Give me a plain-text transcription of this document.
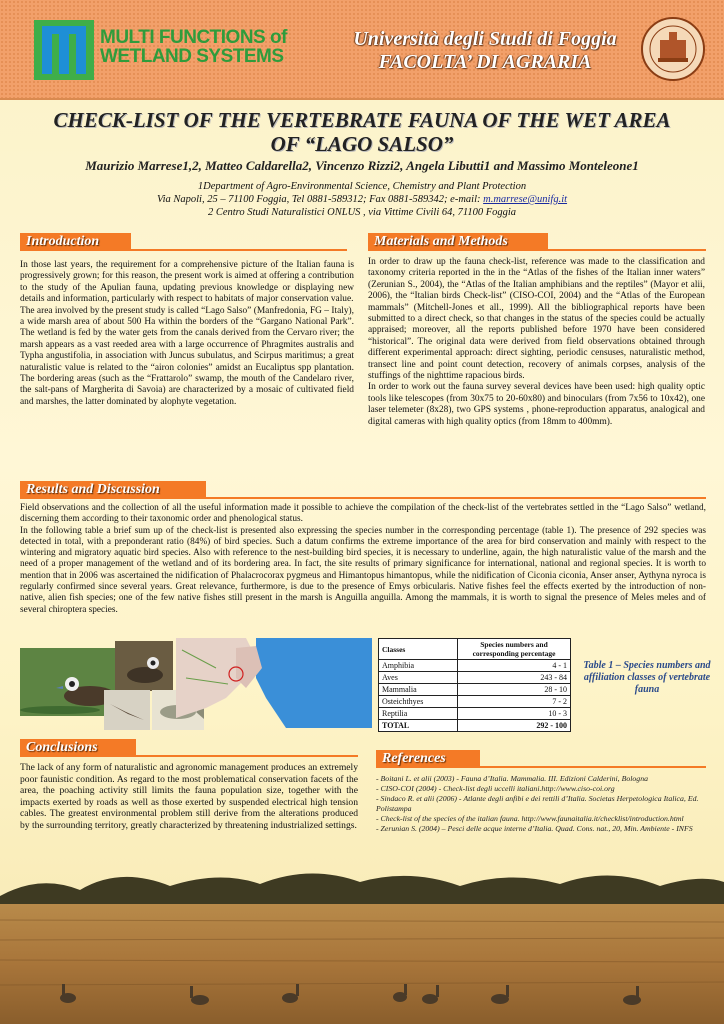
MULTI FUNCTIONS of
WETLAND SYSTEMS
Università degli Studi di Foggia
FACOLTA’ DI AGRARIA
CHECK-LIST OF THE VERTEBRATE FAUNA OF THE WET AREA
OF “LAGO SALSO”
Maurizio Marrese1,2, Matteo Caldarella2, Vincenzo Rizzi2, Angela Libutti1 and Massimo Monteleone1
1Department of Agro-Environmental Science, Chemistry and Plant Protection
Via Napoli, 25 – 71100 Foggia, Tel 0881-589312; Fax 0881-589342; e-mail: m.marrese@unifg.it
2 Centro Studi Naturalistici ONLUS , via Vittime Civili 64, 71100 Foggia
Introduction

In those last years, the requirement for a comprehensive picture of the Italian fauna is progressively grown; for this reason, the present work is aimed at offering a contribution to the study of the Apulian fauna, updating previous knowledge or displaying new details and information, particularly with respect to habitats of major conservation value.

The area involved by the present study is called “Lago Salso” (Manfredonia, FG – Italy), a wide marsh area of about 500 Ha within the borders of the “Gargano National Park”. The wetland is fed by the water gets from the canals derived from the Cervaro river; the marsh appears as a vast reeded area with a large occurrence of Phragmites australis and Typha angustifolia, in association with Juncus subulatus, and Scirpus maritimus; a great naturalistic value is related to the “airon colonies” amidst an Eucaliptus spp plantation. The bordering areas (such as the “Frattarolo” swamp, the mouth of the Candelaro river, the salt-pans of Margherita di Savoia) are characterized by a mosaic of cultivated field and marshes, the latter dominated by alophyte vegetation.

Materials and Methods

In order to draw up the fauna check-list, reference was made to the classification and taxonomy criteria reported in the in the “Atlas of the fishes of the Italian inner waters” (Zerunian S., 2004), the “Atlas of the Italian amphibians and the reptiles” (Mayor et alii, 2006), the “Italian birds Check-list” (CISO-COI, 2004) and the “Atlas of the European mammals” (Mitchell-Jones et all., 1999). All the bibliographical reports have been submitted to a direct check, so that changes in the status of the species could be actually appraised; moreover, all the reports published before 1970 have been considered “historical”. The original data were derived from field observations obtained through different experimental approach: direct sighting, periodic censuses, naturalistic method, transect line and point count detection, recovery of animals corpses, analysis of the stuffings of the nighttime rapacious birds.

In order to work out the fauna survey several devices have been used: high quality optic tools like telescopes (from 30x75 to 20-60x80) and binoculars (from 7x56 to 10x42), one laser telemeter (8x28), two GPS systems , phone-reproduction apparatus, analogical and digital cameras with high quality optics (from 18mm to 400mm).

Results and Discussion

Field observations and the collection of all the useful information made it possible to achieve the compilation of the check-list of the vertebrates settled in the “Lago Salso” wetland, discerning them according to their taxonomic order and phenological status.

In the following table a brief sum up of the check-list is presented also expressing the species number in the corresponding percentage (table 1). The presence of 292 species was detected in total, with a preponderant ratio (84%) of bird species. Such a datum confirms the extreme importance of the area for bird conservation and mainly with respect to the wintering and migratory aquatic bird species. Also with reference to the nest-building bird species, it is necessary to underline, again, the high naturalistic value of the marsh and the need of a proper management of the wetland and of its bordering area. In fact, the site results of primary significance for international, national and regional species. It is worth to mention that in 2006 was ascertained the nidification of Phalacrocorax pygmeus and Himantopus himantopus, while the nidification of Ciconia ciconia, Anser anser, Aythyna nyroca is regularly confirmed since several years. Great relevance, furthermore, is due to the presence of Emys orbicularis. Native fishes feel the effects exerted by the introduction of non-native, alien fish species; one of the few native fishes still present in the marsh is Anguilla anguilla. Among the mammals, it is worth to signal the presence of Meles meles and of several chiroptera species.

Classes	Species numbers and corresponding percentage
Amphibia	4 - 1
Aves	243 - 84
Mammalia	28 - 10
Osteichthyes	7 - 2
Reptilia	10 - 3
TOTAL	292 - 100
Table 1 – Species numbers and affiliation classes of vertebrate fauna
Conclusions

The lack of any form of naturalistic and agronomic management produces an extremely poor faunistic condition. As regard to the most problematical conservation facets of the area, the poaching activity still limits the fauna population size, together with the impacts exerted by roads as well as those exerted by suspended electrical high tension cables. The greatest environmental problem still derive from the alterations produced by the surrounding territory, greatly characterized by threatening industrialized settings.

References

- Boitani L. et alii (2003) - Fauna d’Italia. Mammalia. III. Edizioni Calderini, Bologna

- CISO-COI (2004) - Check-list degli uccelli italiani.http://www.ciso-coi.org

- Sindaco R. et alii (2006) - Atlante degli anfibi e dei rettili d’Italia. Societas Herpetologica Italica, Ed. Polistampa

- Check-list of the species of the italian fauna. http://www.faunaitalia.it/checklist/introduction.html

- Zerunian S. (2004) – Pesci delle acque interne d’Italia. Quad. Cons. nat., 20, Min. Ambiente - INFS
